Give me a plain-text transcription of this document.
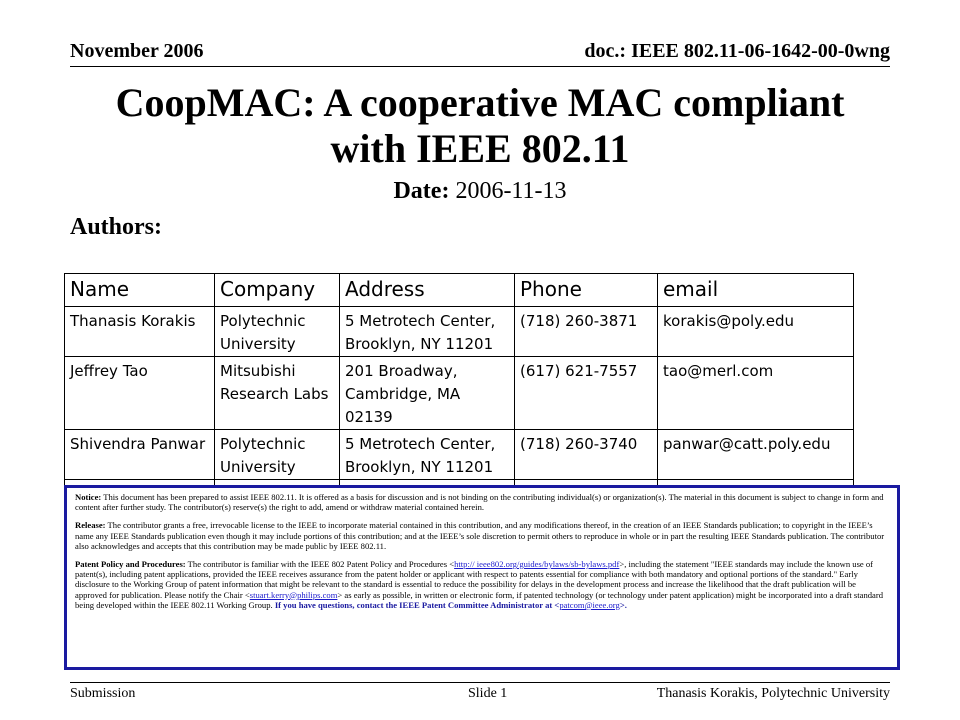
November 2006	doc.: IEEE 802.11-06-1642-00-0wng
CoopMAC: A cooperative MAC compliant
with IEEE 802.11
Date: 2006-11-13
Authors:
Name	Company	Address	Phone	email
Thanasis Korakis	Polytechnic University	5 Metrotech Center, Brooklyn, NY 11201	(718) 260-3871	korakis@poly.edu
Jeffrey Tao	Mitsubishi Research Labs	201 Broadway, Cambridge, MA 02139	(617) 621-7557	tao@merl.com
Shivendra Panwar	Polytechnic University	5 Metrotech Center, Brooklyn, NY 11201	(718) 260-3740	panwar@catt.poly.edu

Notice: This document has been prepared to assist IEEE 802.11. It is offered as a basis for discussion and is not binding on the contributing individual(s) or organization(s). The material in this document is subject to change in form and content after further study. The contributor(s) reserve(s) the right to add, amend or withdraw material contained herein.

Release: The contributor grants a free, irrevocable license to the IEEE to incorporate material contained in this contribution, and any modifications thereof, in the creation of an IEEE Standards publication; to copyright in the IEEE’s name any IEEE Standards publication even though it may include portions of this contribution; and at the IEEE’s sole discretion to permit others to reproduce in whole or in part the resulting IEEE Standards publication. The contributor also acknowledges and accepts that this contribution may be made public by IEEE 802.11.

Patent Policy and Procedures: The contributor is familiar with the IEEE 802 Patent Policy and Procedures <http:// ieee802.org/guides/bylaws/sb-bylaws.pdf>, including the statement "IEEE standards may include the known use of patent(s), including patent applications, provided the IEEE receives assurance from the patent holder or applicant with respect to patents essential for compliance with both mandatory and optional portions of the standard." Early disclosure to the Working Group of patent information that might be relevant to the standard is essential to reduce the possibility for delays in the development process and increase the likelihood that the draft publication will be approved for publication. Please notify the Chair <stuart.kerry@philips.com> as early as possible, in written or electronic form, if patented technology (or technology under patent application) might be incorporated into a draft standard being developed within the IEEE 802.11 Working Group. If you have questions, contact the IEEE Patent Committee Administrator at <patcom@ieee.org>.

Submission	Slide 1	Thanasis Korakis, Polytechnic University
